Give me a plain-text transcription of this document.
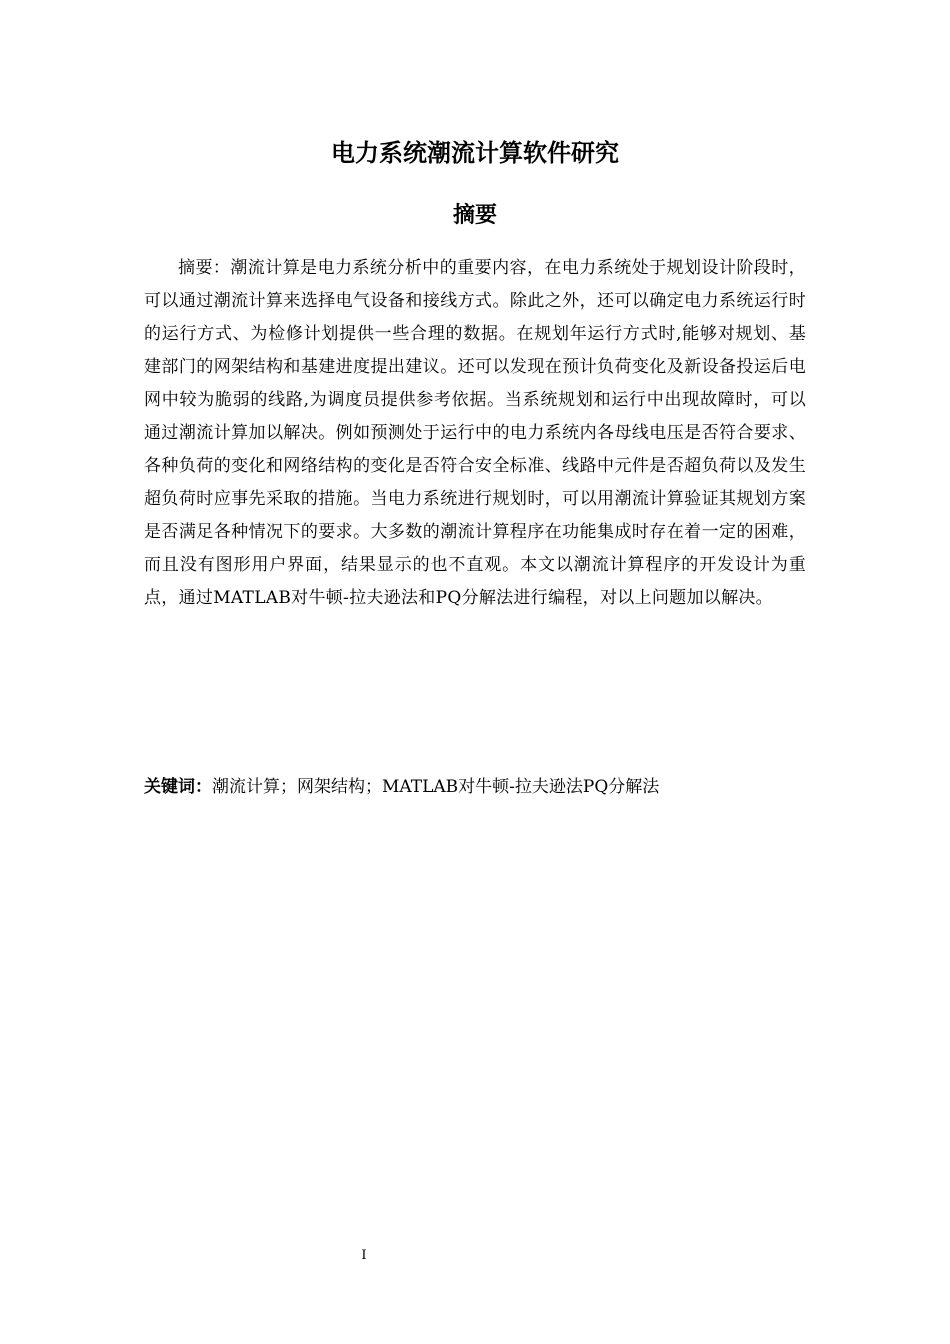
电力系统潮流计算软件研究
摘要

摘要：潮流计算是电力系统分析中的重要内容，在电力系统处于规划设计阶段时，可以通过潮流计算来选择电气设备和接线方式。除此之外，还可以确定电力系统运行时的运行方式、为检修计划提供一些合理的数据。在规划年运行方式时,能够对规划、基建部门的网架结构和基建进度提出建议。还可以发现在预计负荷变化及新设备投运后电网中较为脆弱的线路,为调度员提供参考依据。当系统规划和运行中出现故障时，可以通过潮流计算加以解决。例如预测处于运行中的电力系统内各母线电压是否符合要求、各种负荷的变化和网络结构的变化是否符合安全标准、线路中元件是否超负荷以及发生超负荷时应事先采取的措施。当电力系统进行规划时，可以用潮流计算验证其规划方案是否满足各种情况下的要求。大多数的潮流计算程序在功能集成时存在着一定的困难，而且没有图形用户界面，结果显示的也不直观。本文以潮流计算程序的开发设计为重点，通过MATLAB对牛顿-拉夫逊法和PQ分解法进行编程，对以上问题加以解决。

关键词：潮流计算；网架结构；MATLAB对牛顿-拉夫逊法PQ分解法

I
